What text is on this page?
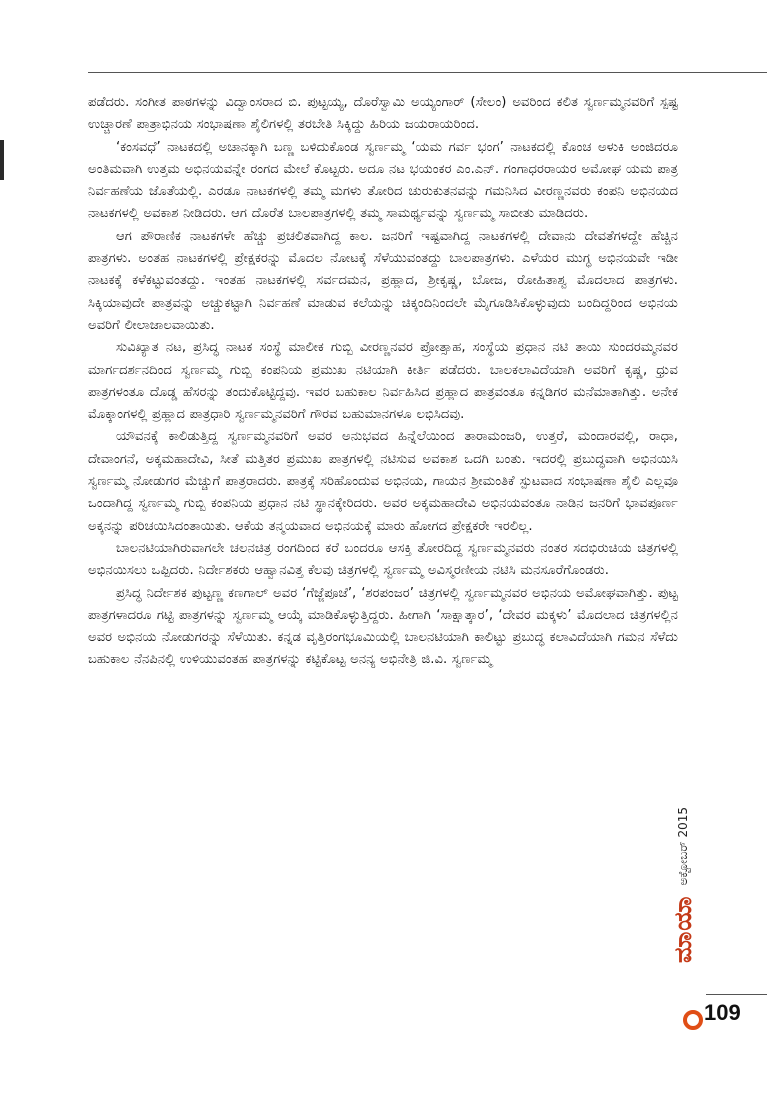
ಪಡೆದರು. ಸಂಗೀತ ಪಾಠಗಳನ್ನು ವಿದ್ವಾಂಸರಾದ ಬಿ. ಪುಟ್ಟಯ್ಯ, ದೊರೆಸ್ವಾಮಿ ಅಯ್ಯಂಗಾರ್ (ಸೇಲಂ) ಅವರಿಂದ ಕಲಿತ ಸ್ವರ್ಣಮ್ಮನವರಿಗೆ ಸ್ಪಷ್ಟ ಉಚ್ಚಾರಣೆ ಪಾತ್ರಾಭಿನಯ ಸಂಭಾಷಣಾ ಶೈಲಿಗಳಲ್ಲಿ ತರಬೇತಿ ಸಿಕ್ಕಿದ್ದು ಹಿರಿಯ ಜಯರಾಯರಿಂದ.

‘ಕಂಸವಧೆ’ ನಾಟಕದಲ್ಲಿ ಅಚಾನಕ್ಕಾಗಿ ಬಣ್ಣ ಬಳಿದುಕೊಂಡ ಸ್ವರ್ಣಮ್ಮ ‘ಯಮ ಗರ್ವ ಭಂಗ’ ನಾಟಕದಲ್ಲಿ ಕೊಂಚ ಅಳುಕಿ ಅಂಜಿದರೂ ಅಂತಿಮವಾಗಿ ಉತ್ತಮ ಅಭಿನಯವನ್ನೇ ರಂಗದ ಮೇಲೆ ಕೊಟ್ಟರು. ಅದೂ ನಟ ಭಯಂಕರ ಎಂ.ಎನ್. ಗಂಗಾಧರರಾಯರ ಅಮೋಘ ಯಮ ಪಾತ್ರ ನಿರ್ವಹಣೆಯ ಜೊತೆಯಲ್ಲಿ. ಎರಡೂ ನಾಟಕಗಳಲ್ಲಿ ತಮ್ಮ ಮಗಳು ತೋರಿದ ಚುರುಕುತನವನ್ನು ಗಮನಿಸಿದ ವೀರಣ್ಣನವರು ಕಂಪನಿ ಅಭಿನಯದ ನಾಟಕಗಳಲ್ಲಿ ಅವಕಾಶ ನೀಡಿದರು. ಆಗ ದೊರೆತ ಬಾಲಪಾತ್ರಗಳಲ್ಲಿ ತಮ್ಮ ಸಾಮರ್ಥ್ಯವನ್ನು ಸ್ವರ್ಣಮ್ಮ ಸಾಬೀತು ಮಾಡಿದರು.

ಆಗ ಪೌರಾಣಿಕ ನಾಟಕಗಳೇ ಹೆಚ್ಚು ಪ್ರಚಲಿತವಾಗಿದ್ದ ಕಾಲ. ಜನರಿಗೆ ಇಷ್ಟವಾಗಿದ್ದ ನಾಟಕಗಳಲ್ಲಿ ದೇವಾನು ದೇವತೆಗಳದ್ದೇ ಹೆಚ್ಚಿನ ಪಾತ್ರಗಳು. ಅಂತಹ ನಾಟಕಗಳಲ್ಲಿ ಪ್ರೇಕ್ಷಕರನ್ನು ಮೊದಲ ನೋಟಕ್ಕೆ ಸೆಳೆಯುವಂತದ್ದು ಬಾಲಪಾತ್ರಗಳು. ಎಳೆಯರ ಮುಗ್ಧ ಅಭಿನಯವೇ ಇಡೀ ನಾಟಕಕ್ಕೆ ಕಳೆಕಟ್ಟುವಂತದ್ದು. ಇಂತಹ ನಾಟಕಗಳಲ್ಲಿ ಸರ್ವದಮನ, ಪ್ರಹ್ಲಾದ, ಶ್ರೀಕೃಷ್ಣ, ಬೋಜ, ರೋಹಿತಾಶ್ವ ಮೊದಲಾದ ಪಾತ್ರಗಳು. ಸಿಕ್ಕಿಯಾವುದೇ ಪಾತ್ರವನ್ನು ಅಚ್ಚುಕಟ್ಟಾಗಿ ನಿರ್ವಹಣೆ ಮಾಡುವ ಕಲೆಯನ್ನು ಚಿಕ್ಕಂದಿನಿಂದಲೇ ಮೈಗೂಡಿಸಿಕೊಳ್ಳುವುದು ಬಂದಿದ್ದರಿಂದ ಅಭಿನಯ ಅವರಿಗೆ ಲೀಲಾಜಾಲವಾಯಿತು.

ಸುವಿಖ್ಯಾತ ನಟ, ಪ್ರಸಿದ್ಧ ನಾಟಕ ಸಂಸ್ಥೆ ಮಾಲೀಕ ಗುಬ್ಬಿ ವೀರಣ್ಣನವರ ಪ್ರೋತ್ಸಾಹ, ಸಂಸ್ಥೆಯ ಪ್ರಧಾನ ನಟಿ ತಾಯಿ ಸುಂದರಮ್ಮನವರ ಮಾರ್ಗದರ್ಶನದಿಂದ ಸ್ವರ್ಣಮ್ಮ ಗುಬ್ಬಿ ಕಂಪನಿಯ ಪ್ರಮುಖ ನಟಿಯಾಗಿ ಕೀರ್ತಿ ಪಡೆದರು. ಬಾಲಕಲಾವಿದೆಯಾಗಿ ಅವರಿಗೆ ಕೃಷ್ಣ, ಧ್ರುವ ಪಾತ್ರಗಳಂತೂ ದೊಡ್ಡ ಹೆಸರನ್ನು ತಂದುಕೊಟ್ಟಿದ್ದವು. ಇವರ ಬಹುಕಾಲ ನಿರ್ವಹಿಸಿದ ಪ್ರಹ್ಲಾದ ಪಾತ್ರವಂತೂ ಕನ್ನಡಿಗರ ಮನೆಮಾತಾಗಿತ್ತು. ಅನೇಕ ಮೊಕ್ಕಾಂಗಳಲ್ಲಿ ಪ್ರಹ್ಲಾದ ಪಾತ್ರಧಾರಿ ಸ್ವರ್ಣಮ್ಮನವರಿಗೆ ಗೌರವ ಬಹುಮಾನಗಳೂ ಲಭಿಸಿದವು.

ಯೌವನಕ್ಕೆ ಕಾಲಿಡುತ್ತಿದ್ದ ಸ್ವರ್ಣಮ್ಮನವರಿಗೆ ಅವರ ಅನುಭವದ ಹಿನ್ನೆಲೆಯಿಂದ ತಾರಾಮಂಜರಿ, ಉತ್ತರೆ, ಮಂದಾರವಲ್ಲಿ, ರಾಧಾ, ದೇವಾಂಗನೆ, ಅಕ್ಕಮಹಾದೇವಿ, ಸೀತೆ ಮತ್ತಿತರ ಪ್ರಮುಖ ಪಾತ್ರಗಳಲ್ಲಿ ನಟಿಸುವ ಅವಕಾಶ ಒದಗಿ ಬಂತು. ಇದರಲ್ಲಿ ಪ್ರಬುದ್ಧವಾಗಿ ಅಭಿನಯಿಸಿ ಸ್ವರ್ಣಮ್ಮ ನೋಡುಗರ ಮೆಚ್ಚುಗೆ ಪಾತ್ರರಾದರು. ಪಾತ್ರಕ್ಕೆ ಸರಿಹೊಂದುವ ಅಭಿನಯ, ಗಾಯನ ಶ್ರೀಮಂತಿಕೆ ಸ್ಪುಟವಾದ ಸಂಭಾಷಣಾ ಶೈಲಿ ಎಲ್ಲವೂ ಒಂದಾಗಿದ್ದ ಸ್ವರ್ಣಮ್ಮ ಗುಬ್ಬಿ ಕಂಪನಿಯ ಪ್ರಧಾನ ನಟಿ ಸ್ಥಾನಕ್ಕೇರಿದರು. ಅವರ ಅಕ್ಕಮಹಾದೇವಿ ಅಭಿನಯವಂತೂ ನಾಡಿನ ಜನರಿಗೆ ಭಾವಪೂರ್ಣ ಅಕ್ಕನನ್ನು ಪರಿಚಯಿಸಿದಂತಾಯಿತು. ಆಕೆಯ ತನ್ಮಯವಾದ ಅಭಿನಯಕ್ಕೆ ಮಾರು ಹೋಗದ ಪ್ರೇಕ್ಷಕರೇ ಇರಲಿಲ್ಲ.

ಬಾಲನಟಿಯಾಗಿರುವಾಗಲೇ ಚಲನಚಿತ್ರ ರಂಗದಿಂದ ಕರೆ ಬಂದರೂ ಆಸಕ್ತಿ ತೋರದಿದ್ದ ಸ್ವರ್ಣಮ್ಮನವರು ನಂತರ ಸದಭಿರುಚಿಯ ಚಿತ್ರಗಳಲ್ಲಿ ಅಭಿನಯಿಸಲು ಒಪ್ಪಿದರು. ನಿರ್ದೇಶಕರು ಆಹ್ವಾನವಿತ್ತ ಕೆಲವು ಚಿತ್ರಗಳಲ್ಲಿ ಸ್ವರ್ಣಮ್ಮ ಅವಿಸ್ಮರಣೀಯ ನಟಿಸಿ ಮನಸೂರೆಗೊಂಡರು.

ಪ್ರಸಿದ್ಧ ನಿರ್ದೇಶಕ ಪುಟ್ಟಣ್ಣ ಕಣಗಾಲ್ ಅವರ ‘ಗೆಜ್ಜೆಪೂಜೆ’, ‘ಶರಪಂಜರ’ ಚಿತ್ರಗಳಲ್ಲಿ ಸ್ವರ್ಣಮ್ಮನವರ ಅಭಿನಯ ಅಮೋಘವಾಗಿತ್ತು. ಪುಟ್ಟ ಪಾತ್ರಗಳಾದರೂ ಗಟ್ಟಿ ಪಾತ್ರಗಳನ್ನು ಸ್ವರ್ಣಮ್ಮ ಆಯ್ಕೆ ಮಾಡಿಕೊಳ್ಳುತ್ತಿದ್ದರು. ಹೀಗಾಗಿ ‘ಸಾಕ್ಷಾತ್ಕಾರ’, ‘ದೇವರ ಮಕ್ಕಳು’ ಮೊದಲಾದ ಚಿತ್ರಗಳಲ್ಲಿನ ಅವರ ಅಭಿನಯ ನೋಡುಗರನ್ನು ಸೆಳೆಯಿತು. ಕನ್ನಡ ವೃತ್ತಿರಂಗಭೂಮಿಯಲ್ಲಿ ಬಾಲನಟಿಯಾಗಿ ಕಾಲಿಟ್ಟು ಪ್ರಬುದ್ಧ ಕಲಾವಿದೆಯಾಗಿ ಗಮನ ಸೆಳೆದು ಬಹುಕಾಲ ನೆನಪಿನಲ್ಲಿ ಉಳಿಯುವಂತಹ ಪಾತ್ರಗಳನ್ನು ಕಟ್ಟಿಕೊಟ್ಟ ಅನನ್ಯ ಅಭಿನೇತ್ರಿ ಜಿ.ವಿ. ಸ್ವರ್ಣಮ್ಮ

ಮಾಯಾ
ಅಕ್ಟೋಬರ್ 2015
109
